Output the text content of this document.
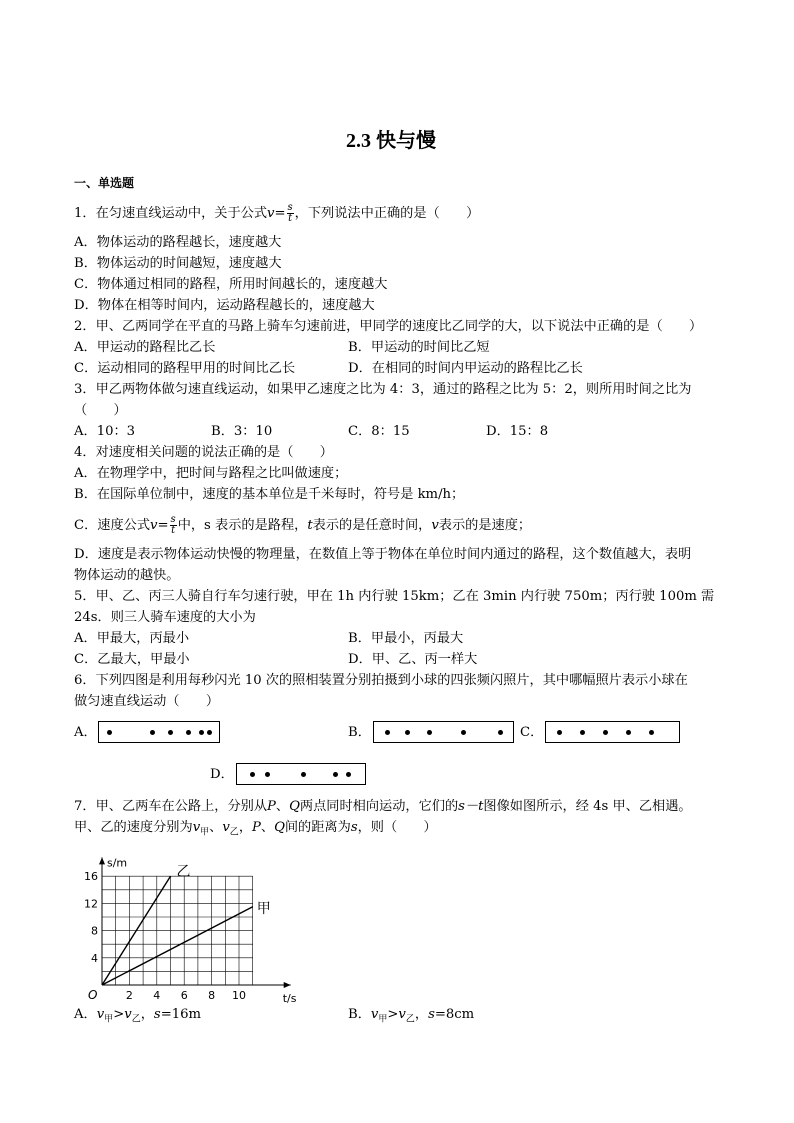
2.3 快与慢
一、单选题
1．在匀速直线运动中，关于公式$v= \frac{s}{t}$ ，下列说法中正确的是（　　）
A．物体运动的路程越长，速度越大
B．物体运动的时间越短，速度越大
C．物体通过相同的路程，所用时间越长的，速度越大
D．物体在相等时间内，运动路程越长的，速度越大
2．甲、乙两同学在平直的马路上骑车匀速前进，甲同学的速度比乙同学的大，以下说法中正确的是（　　）
A．甲运动的路程比乙长	B．甲运动的时间比乙短
C．运动相同的路程甲用的时间比乙长	D．在相同的时间内甲运动的路程比乙长
3．甲乙两物体做匀速直线运动，如果甲乙速度之比为 4：3，通过的路程之比为 5：2，则所用时间之比为
（　　）
A．10：3	B．3：10	C．8：15	D．15：8
4．对速度相关问题的说法正确的是（　　）
A．在物理学中，把时间与路程之比叫做速度；
B．在国际单位制中，速度的基本单位是千米每时，符号是 km/h；
C．速度公式$v= \frac{s}{t}$ 中，s 表示的是路程，t表示的是任意时间，v表示的是速度；
D．速度是表示物体运动快慢的物理量，在数值上等于物体在单位时间内通过的路程，这个数值越大，表明
物体运动的越快。
5．甲、乙、丙三人骑自行车匀速行驶，甲在 1h 内行驶 15km；乙在 3min 内行驶 750m；丙行驶 100m 需
24s．则三人骑车速度的大小为
A．甲最大，丙最小	B．甲最小，丙最大
C．乙最大，甲最小	D．甲、乙、丙一样大
6．下列四图是利用每秒闪光 10 次的照相装置分别拍摄到小球的四张频闪照片，其中哪幅照片表示小球在
做匀速直线运动（　　）
A．	B．	C．
D．
7．甲、乙两车在公路上，分别从P、Q两点同时相向运动，它们的s－t图像如图所示，经 4s 甲、乙相遇。
甲、乙的速度分别为$v_甲$、$v_乙$，P、Q间的距离为s，则（　　）
2 4 6 8 10
4
8
12
16
O	t/s
s/m
乙
甲
A．$v_甲>v_乙$，s=16m	B．$v_甲>v_乙$，s=8cm
